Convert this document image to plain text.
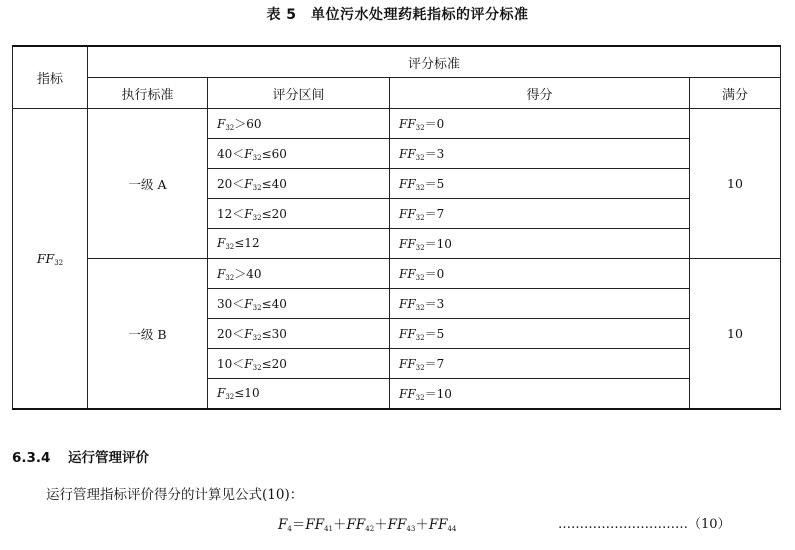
表 5　单位污水处理药耗指标的评分标准
指标	评分标准			
	执行标准	评分区间	得分	满分
$FF_{32}$	一级 A	$F_{32}>60$	$FF_{32}=0$	10
		$40<F_{32}\le 60$	$FF_{32}=3$	
		$20<F_{32}\le 40$	$FF_{32}=5$	
		$12<F_{32}\le 20$	$FF_{32}=7$	
		$F_{32}\le 12$	$FF_{32}=10$	
	一级 B	$F_{32}>40$	$FF_{32}=0$	10
		$30<F_{32}\le 40$	$FF_{32}=3$	
		$20<F_{32}\le 30$	$FF_{32}=5$	
		$10<F_{32}\le 20$	$FF_{32}=7$	
		$F_{32}\le 10$	$FF_{32}=10$	
6.3.4 运行管理评价
运行管理指标评价得分的计算见公式(10)：
$F_4=FF_{41}+FF_{42}+FF_{43}+FF_{44}$	…………………………（10）
